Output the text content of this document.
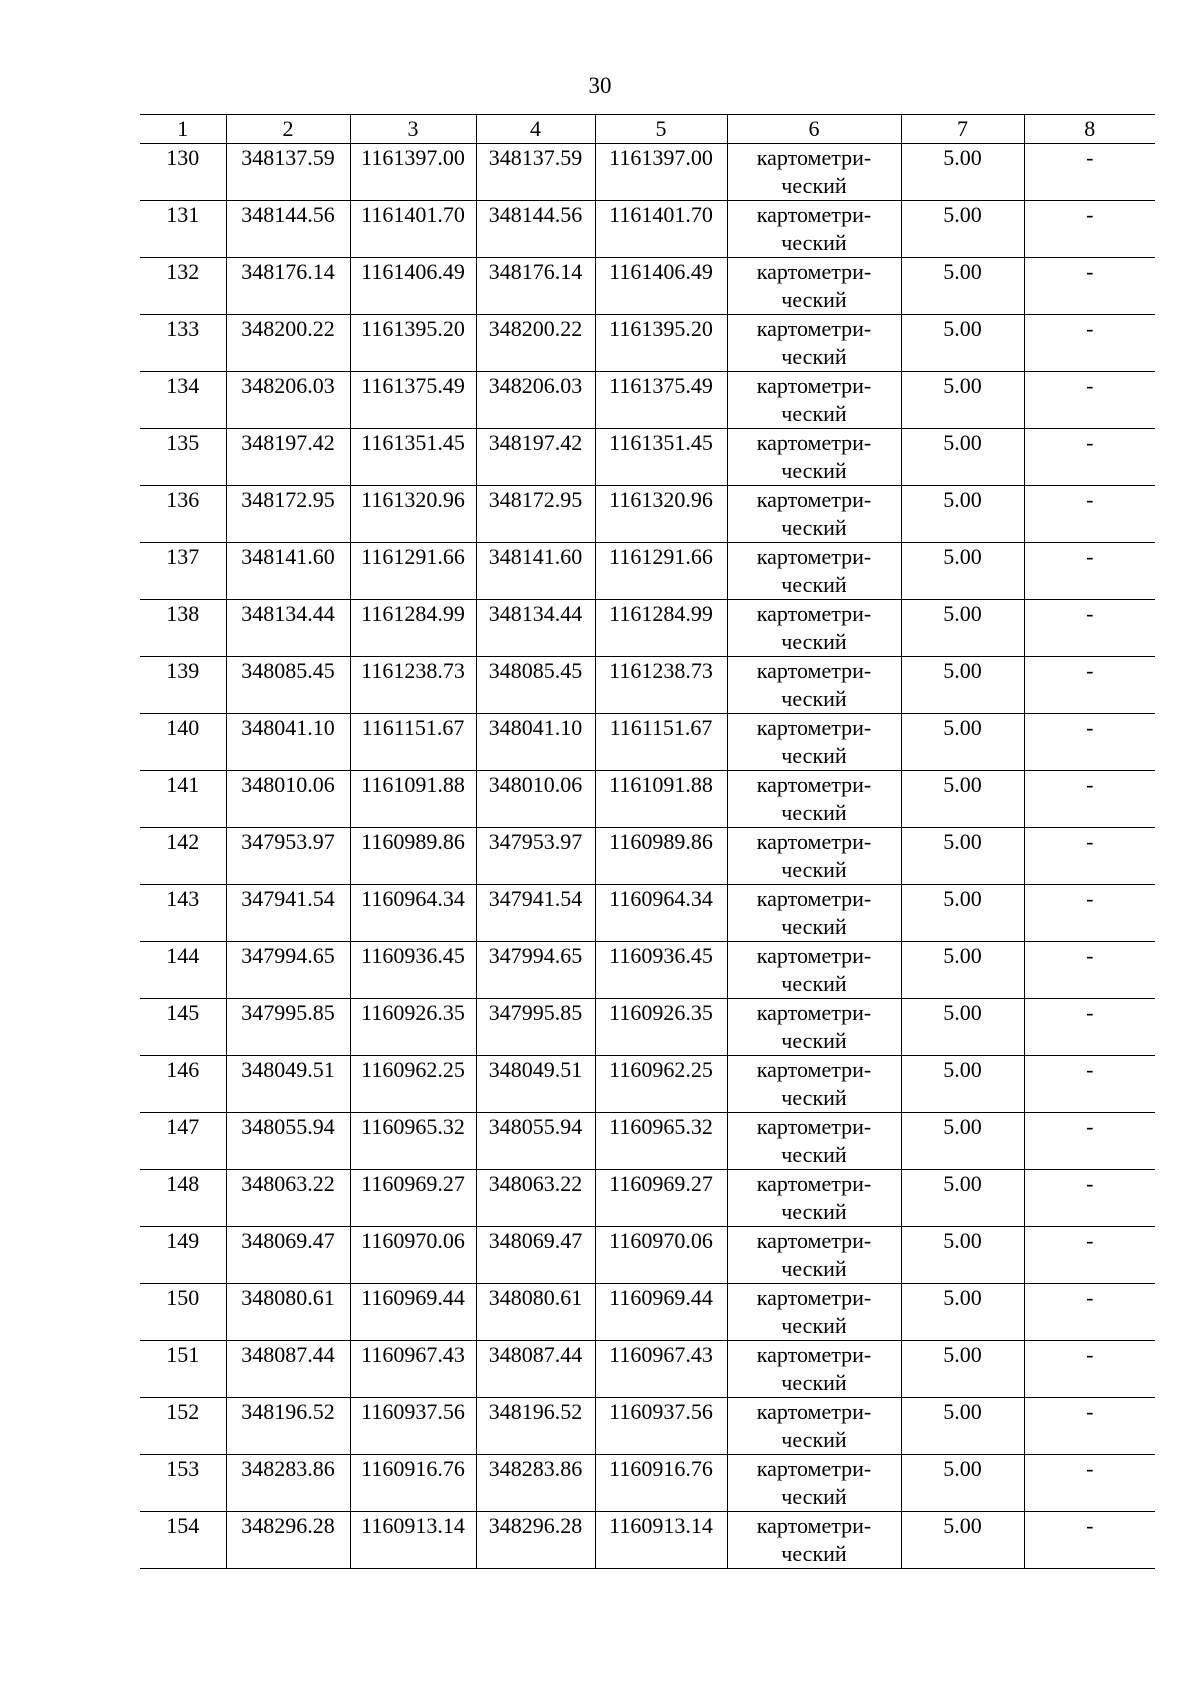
30
1	2	3	4	5	6	7	8
130	348137.59	1161397.00	348137.59	1161397.00	картометри-
ческий	5.00	-
131	348144.56	1161401.70	348144.56	1161401.70	картометри-
ческий	5.00	-
132	348176.14	1161406.49	348176.14	1161406.49	картометри-
ческий	5.00	-
133	348200.22	1161395.20	348200.22	1161395.20	картометри-
ческий	5.00	-
134	348206.03	1161375.49	348206.03	1161375.49	картометри-
ческий	5.00	-
135	348197.42	1161351.45	348197.42	1161351.45	картометри-
ческий	5.00	-
136	348172.95	1161320.96	348172.95	1161320.96	картометри-
ческий	5.00	-
137	348141.60	1161291.66	348141.60	1161291.66	картометри-
ческий	5.00	-
138	348134.44	1161284.99	348134.44	1161284.99	картометри-
ческий	5.00	-
139	348085.45	1161238.73	348085.45	1161238.73	картометри-
ческий	5.00	-
140	348041.10	1161151.67	348041.10	1161151.67	картометри-
ческий	5.00	-
141	348010.06	1161091.88	348010.06	1161091.88	картометри-
ческий	5.00	-
142	347953.97	1160989.86	347953.97	1160989.86	картометри-
ческий	5.00	-
143	347941.54	1160964.34	347941.54	1160964.34	картометри-
ческий	5.00	-
144	347994.65	1160936.45	347994.65	1160936.45	картометри-
ческий	5.00	-
145	347995.85	1160926.35	347995.85	1160926.35	картометри-
ческий	5.00	-
146	348049.51	1160962.25	348049.51	1160962.25	картометри-
ческий	5.00	-
147	348055.94	1160965.32	348055.94	1160965.32	картометри-
ческий	5.00	-
148	348063.22	1160969.27	348063.22	1160969.27	картометри-
ческий	5.00	-
149	348069.47	1160970.06	348069.47	1160970.06	картометри-
ческий	5.00	-
150	348080.61	1160969.44	348080.61	1160969.44	картометри-
ческий	5.00	-
151	348087.44	1160967.43	348087.44	1160967.43	картометри-
ческий	5.00	-
152	348196.52	1160937.56	348196.52	1160937.56	картометри-
ческий	5.00	-
153	348283.86	1160916.76	348283.86	1160916.76	картометри-
ческий	5.00	-
154	348296.28	1160913.14	348296.28	1160913.14	картометри-
ческий	5.00	-
